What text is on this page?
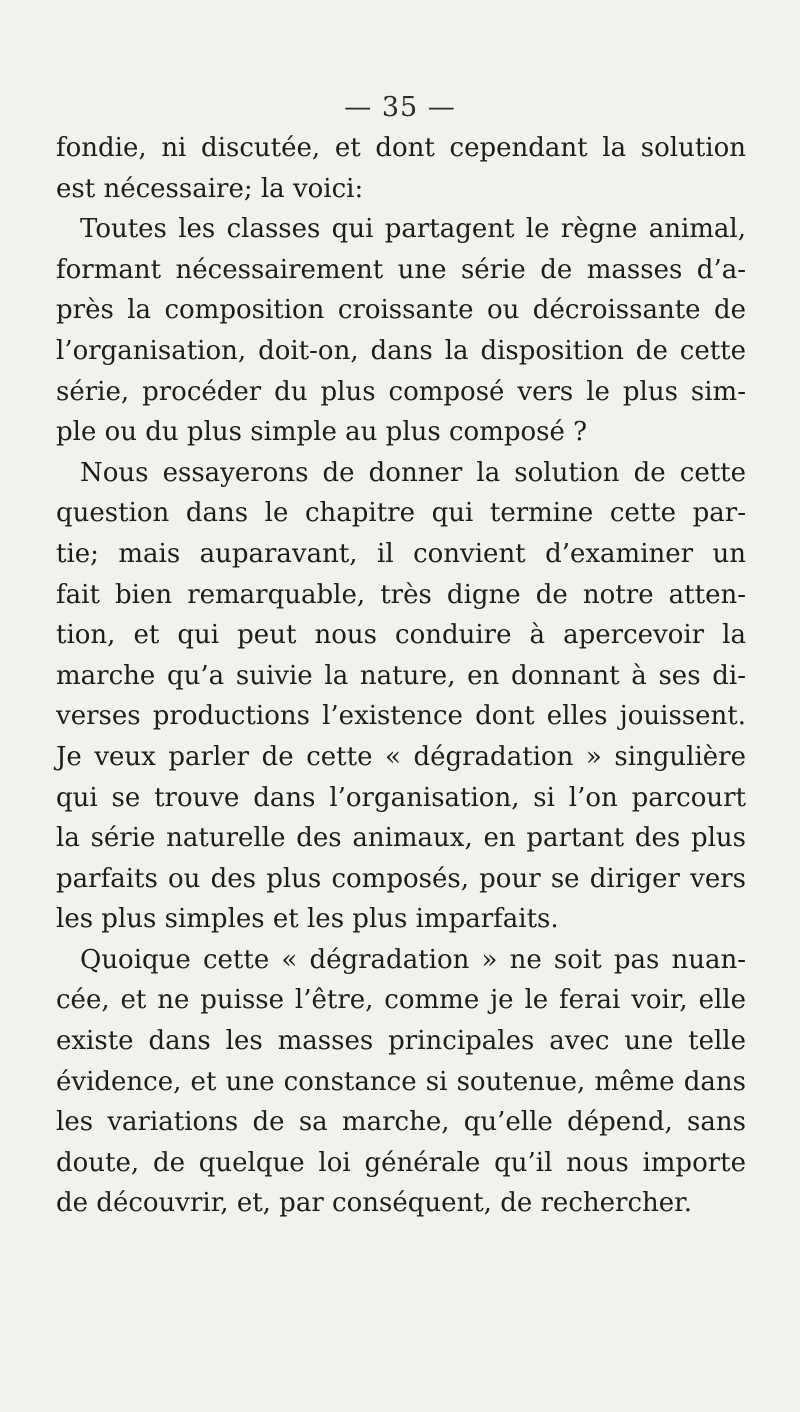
— 35 —
fondie, ni discutée, et dont cependant la solution
est nécessaire; la voici:
Toutes les classes qui partagent le règne animal,
formant nécessairement une série de masses d’a-
près la composition croissante ou décroissante de
l’organisation, doit-on, dans la disposition de cette
série, procéder du plus composé vers le plus sim-
ple ou du plus simple au plus composé ?
Nous essayerons de donner la solution de cette
question dans le chapitre qui termine cette par-
tie; mais auparavant, il convient d’examiner un
fait bien remarquable, très digne de notre atten-
tion, et qui peut nous conduire à apercevoir la
marche qu’a suivie la nature, en donnant à ses di-
verses productions l’existence dont elles jouissent.
Je veux parler de cette « dégradation » singulière
qui se trouve dans l’organisation, si l’on parcourt
la série naturelle des animaux, en partant des plus
parfaits ou des plus composés, pour se diriger vers
les plus simples et les plus imparfaits.
Quoique cette « dégradation » ne soit pas nuan-
cée, et ne puisse l’être, comme je le ferai voir, elle
existe dans les masses principales avec une telle
évidence, et une constance si soutenue, même dans
les variations de sa marche, qu’elle dépend, sans
doute, de quelque loi générale qu’il nous importe
de découvrir, et, par conséquent, de rechercher.
